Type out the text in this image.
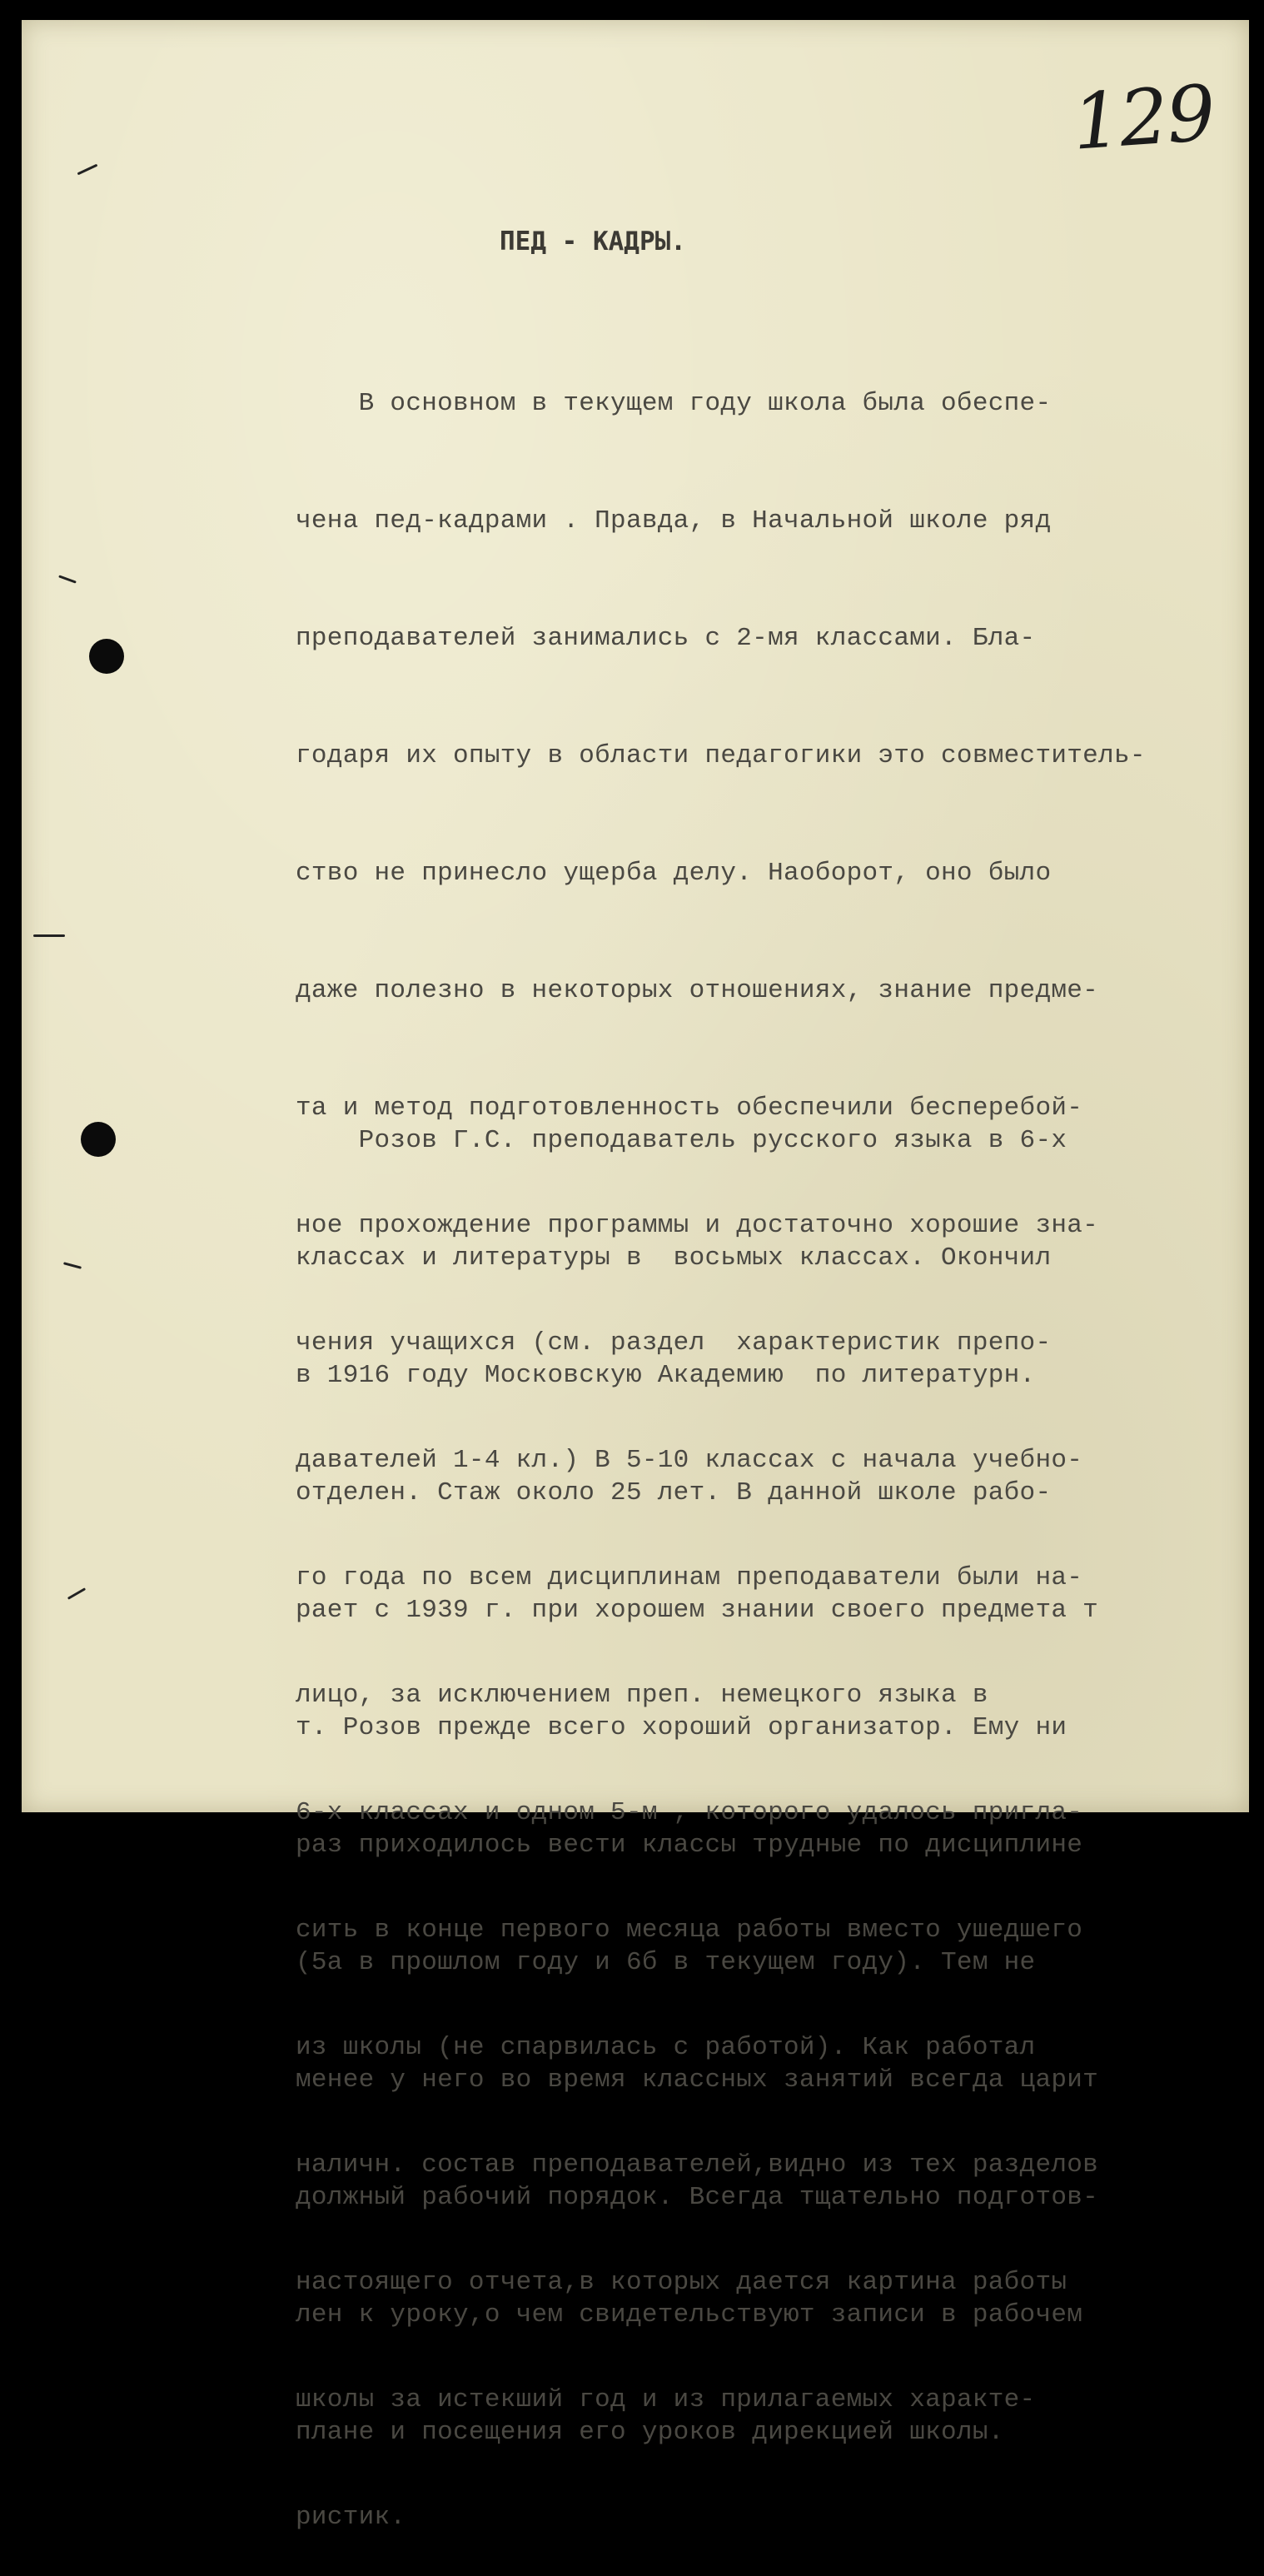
129
ПЕД - КАДРЫ.

В основном в текущем году школа была обеспе-

чена пед-кадрами . Правда, в Начальной школе ряд

преподавателей занимались с 2-мя классами. Бла-

годаря их опыту в области педагогики это совместитель-

ство не принесло ущерба делу. Наоборот, оно было

даже полезно в некоторых отношениях, знание предме-

та и метод подготовленность обеспечили бесперебой-

ное прохождение программы и достаточно хорошие зна-

чения учащихся (см. раздел  характеристик препо-

давателей 1-4 кл.) В 5-10 классах с начала учебно-

го года по всем дисциплинам преподаватели были на-

лицо, за исключением преп. немецкого языка в

6-х классах и одном 5-м , которого удалось пригла-

сить в конце первого месяца работы вместо ушедшего

из школы (не спарвилась с работой). Как работал

наличн. состав преподавателей,видно из тех разделов

настоящего отчета,в которых дается картина работы

школы за истекший год и из прилагаемых характе-

ристик.

Розов Г.С. преподаватель русского языка в 6-х

классах и литературы в  восьмых классах. Окончил

в 1916 году Московскую Академию  по литературн.

отделен. Стаж около 25 лет. В данной школе рабо-

рает с 1939 г. при хорошем знании своего предмета т

т. Розов прежде всего хороший организатор. Ему ни

раз приходилось вести классы трудные по дисциплине

(5а в прошлом году и 6б в текущем году). Тем не

менее у него во время классных занятий всегда царит

должный рабочий порядок. Всегда тщательно подготов-

лен к уроку,о чем свидетельствуют записи в рабочем

плане и посещения его уроков дирекцией школы.
